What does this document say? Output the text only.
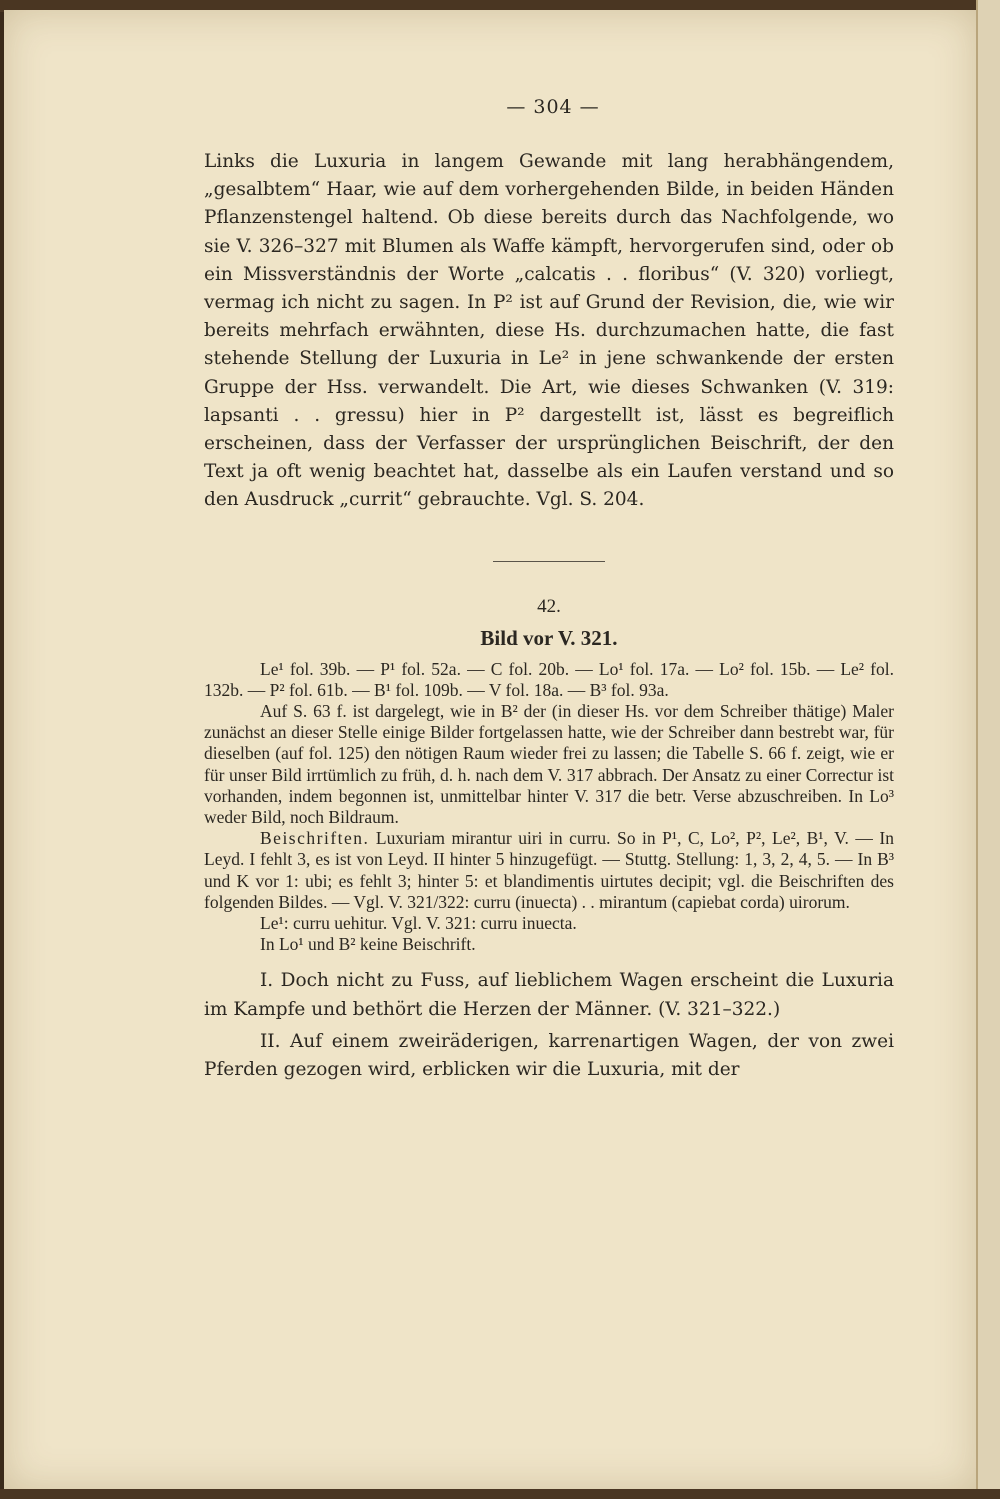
— 304 —

Links die Luxuria in langem Gewande mit lang herabhängendem, „gesalbtem“ Haar, wie auf dem vorhergehenden Bilde, in beiden Händen Pflanzenstengel haltend. Ob diese bereits durch das Nachfolgende, wo sie V. 326–327 mit Blumen als Waffe kämpft, hervorgerufen sind, oder ob ein Missverständnis der Worte „calcatis . . floribus“ (V. 320) vorliegt, vermag ich nicht zu sagen. In P² ist auf Grund der Revision, die, wie wir bereits mehrfach erwähnten, diese Hs. durchzumachen hatte, die fast stehende Stellung der Luxuria in Le² in jene schwankende der ersten Gruppe der Hss. verwandelt. Die Art, wie dieses Schwanken (V. 319: lapsanti . . gressu) hier in P² dargestellt ist, lässt es begreiflich erscheinen, dass der Verfasser der ursprünglichen Beischrift, der den Text ja oft wenig beachtet hat, dasselbe als ein Laufen verstand und so den Ausdruck „currit“ gebrauchte. Vgl. S. 204.

42.
Bild vor V. 321.

Le¹ fol. 39b. — P¹ fol. 52a. — C fol. 20b. — Lo¹ fol. 17a. — Lo² fol. 15b. — Le² fol. 132b. — P² fol. 61b. — B¹ fol. 109b. — V fol. 18a. — B³ fol. 93a.

Auf S. 63 f. ist dargelegt, wie in B² der (in dieser Hs. vor dem Schreiber thätige) Maler zunächst an dieser Stelle einige Bilder fortgelassen hatte, wie der Schreiber dann bestrebt war, für dieselben (auf fol. 125) den nötigen Raum wieder frei zu lassen; die Tabelle S. 66 f. zeigt, wie er für unser Bild irrtümlich zu früh, d. h. nach dem V. 317 abbrach. Der Ansatz zu einer Correctur ist vorhanden, indem begonnen ist, unmittelbar hinter V. 317 die betr. Verse abzuschreiben. In Lo³ weder Bild, noch Bildraum.

Beischriften. Luxuriam mirantur uiri in curru. So in P¹, C, Lo², P², Le², B¹, V. — In Leyd. I fehlt 3, es ist von Leyd. II hinter 5 hinzugefügt. — Stuttg. Stellung: 1, 3, 2, 4, 5. — In B³ und K vor 1: ubi; es fehlt 3; hinter 5: et blandimentis uirtutes decipit; vgl. die Beischriften des folgenden Bildes. — Vgl. V. 321/322: curru (inuecta) . . mirantum (capiebat corda) uirorum.

Le¹: curru uehitur. Vgl. V. 321: curru inuecta.

In Lo¹ und B² keine Beischrift.

I. Doch nicht zu Fuss, auf lieblichem Wagen erscheint die Luxuria im Kampfe und bethört die Herzen der Männer. (V. 321–322.)

II. Auf einem zweiräderigen, karrenartigen Wagen, der von zwei Pferden gezogen wird, erblicken wir die Luxuria, mit der
